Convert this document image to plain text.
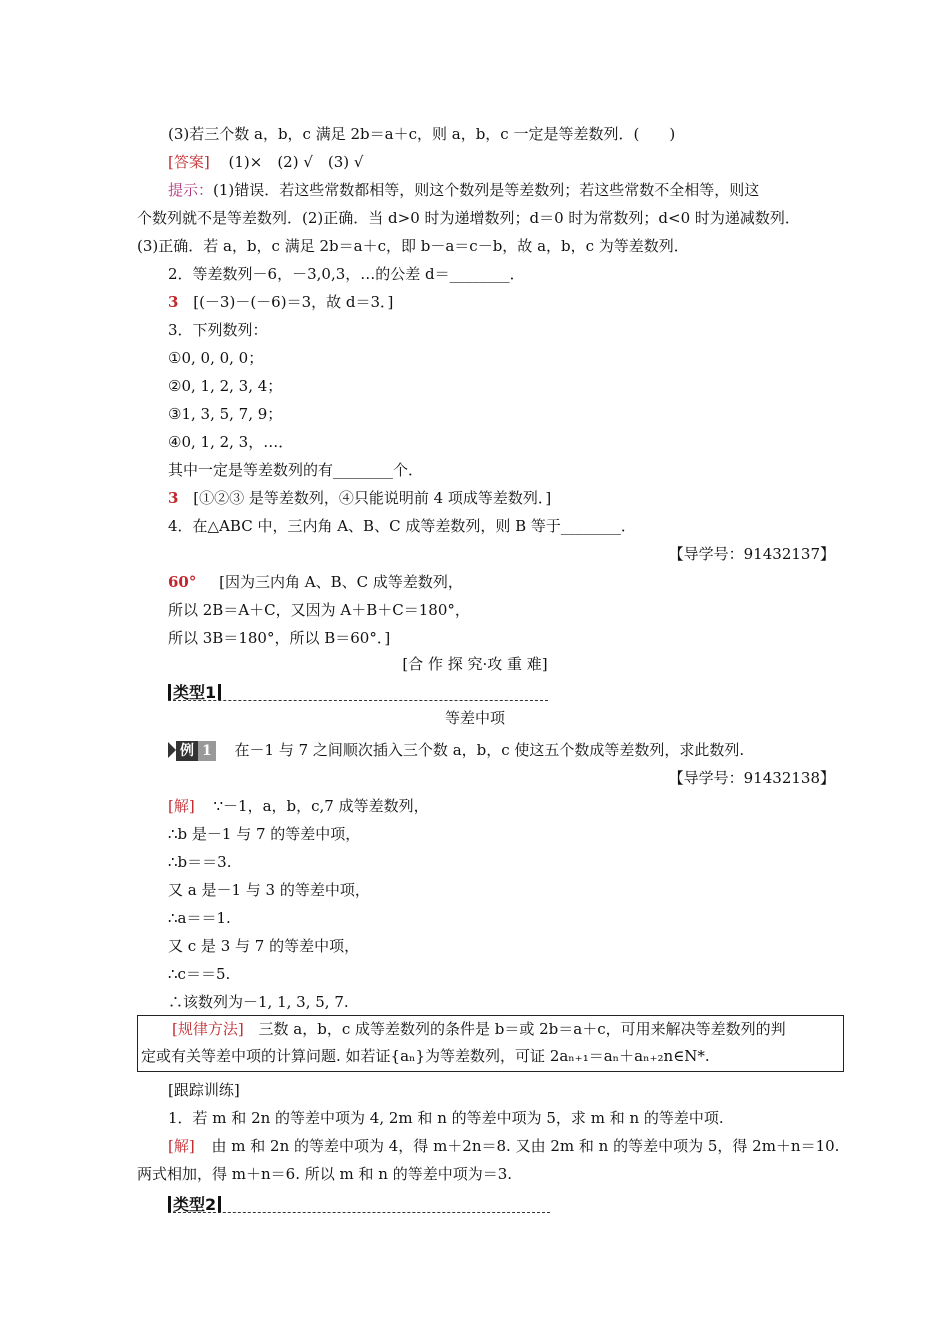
(3)若三个数 a，b，c 满足 2b＝a＋c，则 a，b，c 一定是等差数列．(　　)
[答案] (1)×　(2) √　(3) √
提示：(1)错误．若这些常数都相等，则这个数列是等差数列；若这些常数不全相等，则这
个数列就不是等差数列．(2)正确．当 d>0 时为递增数列；d＝0 时为常数列；d<0 时为递减数列．
(3)正确．若 a，b，c 满足 2b＝a＋c，即 b－a＝c－b，故 a，b，c 为等差数列．
2．等差数列－6，－3,0,3，…的公差 d＝________．
3 [(－3)－(－6)＝3，故 d＝3．]
3．下列数列：
①0, 0, 0, 0；
②0, 1, 2, 3, 4；
③1, 3, 5, 7, 9；
④0, 1, 2, 3，…．
其中一定是等差数列的有________个．
3 [①②③ 是等差数列，④只能说明前 4 项成等差数列．]
4．在△ABC 中，三内角 A、B、C 成等差数列，则 B 等于________．
【导学号：91432137】
60° [因为三内角 A、B、C 成等差数列，
所以 2B＝A＋C，又因为 A＋B＋C＝180°，
所以 3B＝180°，所以 B＝60°．]
[合 作 探 究·攻 重 难]
类型1
等差中项
例 1 在－1 与 7 之间顺次插入三个数 a，b，c 使这五个数成等差数列，求此数列.
【导学号：91432138】
[解] ∵－1，a，b，c,7 成等差数列，
∴b 是－1 与 7 的等差中项，
∴b＝＝3.
又 a 是－1 与 3 的等差中项，
∴a＝＝1.
又 c 是 3 与 7 的等差中项，
∴c＝＝5.
∴该数列为－1, 1, 3, 5, 7.
[规律方法] 三数 a，b，c 成等差数列的条件是 b＝或 2b＝a＋c，可用来解决等差数列的判
定或有关等差中项的计算问题. 如若证{aₙ}为等差数列，可证 2aₙ₊₁＝aₙ＋aₙ₊₂n∈N*.
[跟踪训练]
1．若 m 和 2n 的等差中项为 4, 2m 和 n 的等差中项为 5，求 m 和 n 的等差中项.
[解] 由 m 和 2n 的等差中项为 4，得 m＋2n＝8. 又由 2m 和 n 的等差中项为 5，得 2m＋n＝10.
两式相加，得 m＋n＝6. 所以 m 和 n 的等差中项为＝3.
类型2
